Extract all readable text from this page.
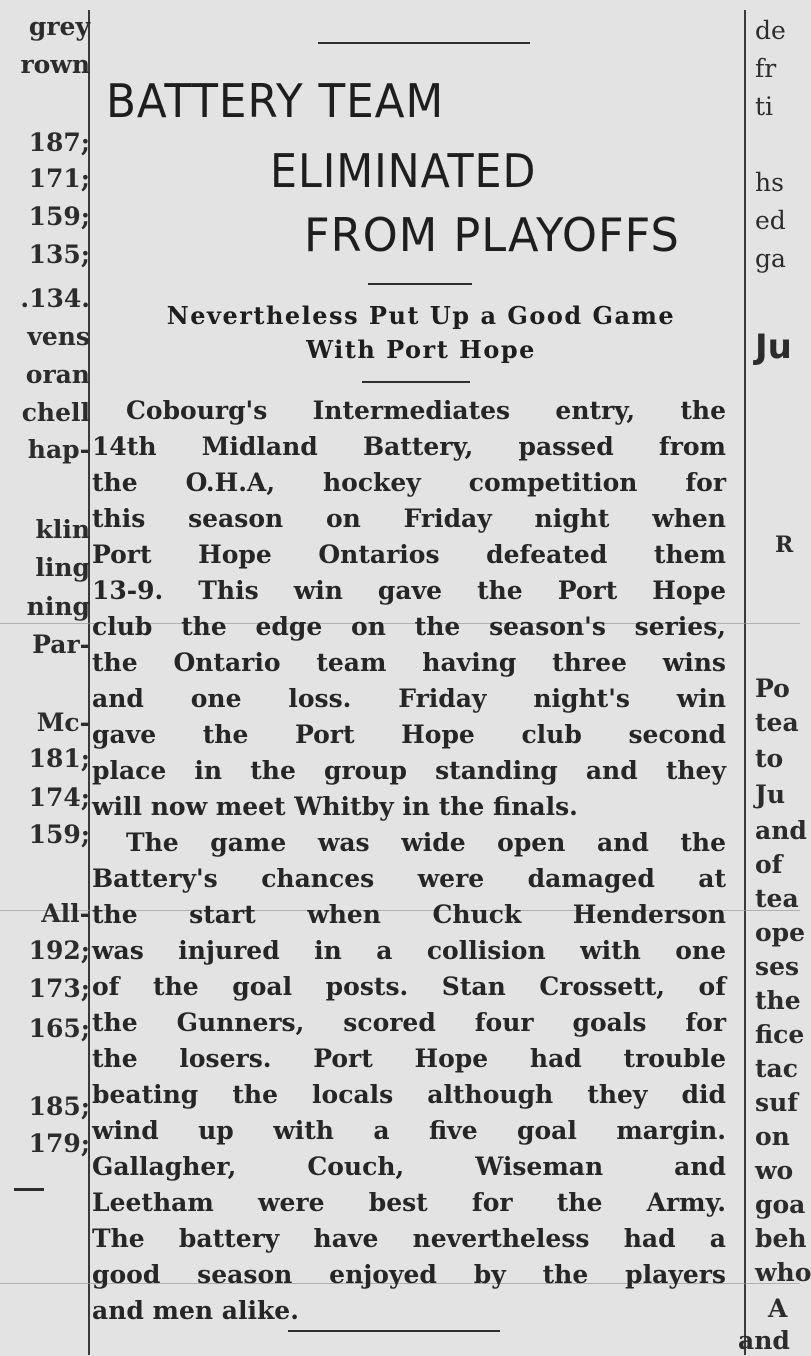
grey
rown
187;
171;
159;
135;
.134.
vens
oran
chell
hap-
klin
ling
ning
Par-
Mc-
181;
174;
159;
All-
192;
173;
165;
185;
179;
de
fr
ti
hs
ed
ga
Ju
R
Po
tea
to
Ju
and
of
tea
ope
ses
the
fice
tac
suf
on
wo
goa
beh
who
A
and
BATTERY TEAM
ELIMINATED
FROM PLAYOFFS
Nevertheless Put Up a Good Game
With Port Hope
Cobourg's Intermediates entry, the
14th Midland Battery, passed from
the O.H.A, hockey competition for
this season on Friday night when
Port Hope Ontarios defeated them
13-9. This win gave the Port Hope
club the edge on the season's series,
the Ontario team having three wins
and one loss. Friday night's win
gave the Port Hope club second
place in the group standing and they
will now meet Whitby in the finals.
The game was wide open and the
Battery's chances were damaged at
the start when Chuck Henderson
was injured in a collision with one
of the goal posts. Stan Crossett, of
the Gunners, scored four goals for
the losers. Port Hope had trouble
beating the locals although they did
wind up with a five goal margin.
Gallagher, Couch, Wiseman and
Leetham were best for the Army.
The battery have nevertheless had a
good season enjoyed by the players
and men alike.
